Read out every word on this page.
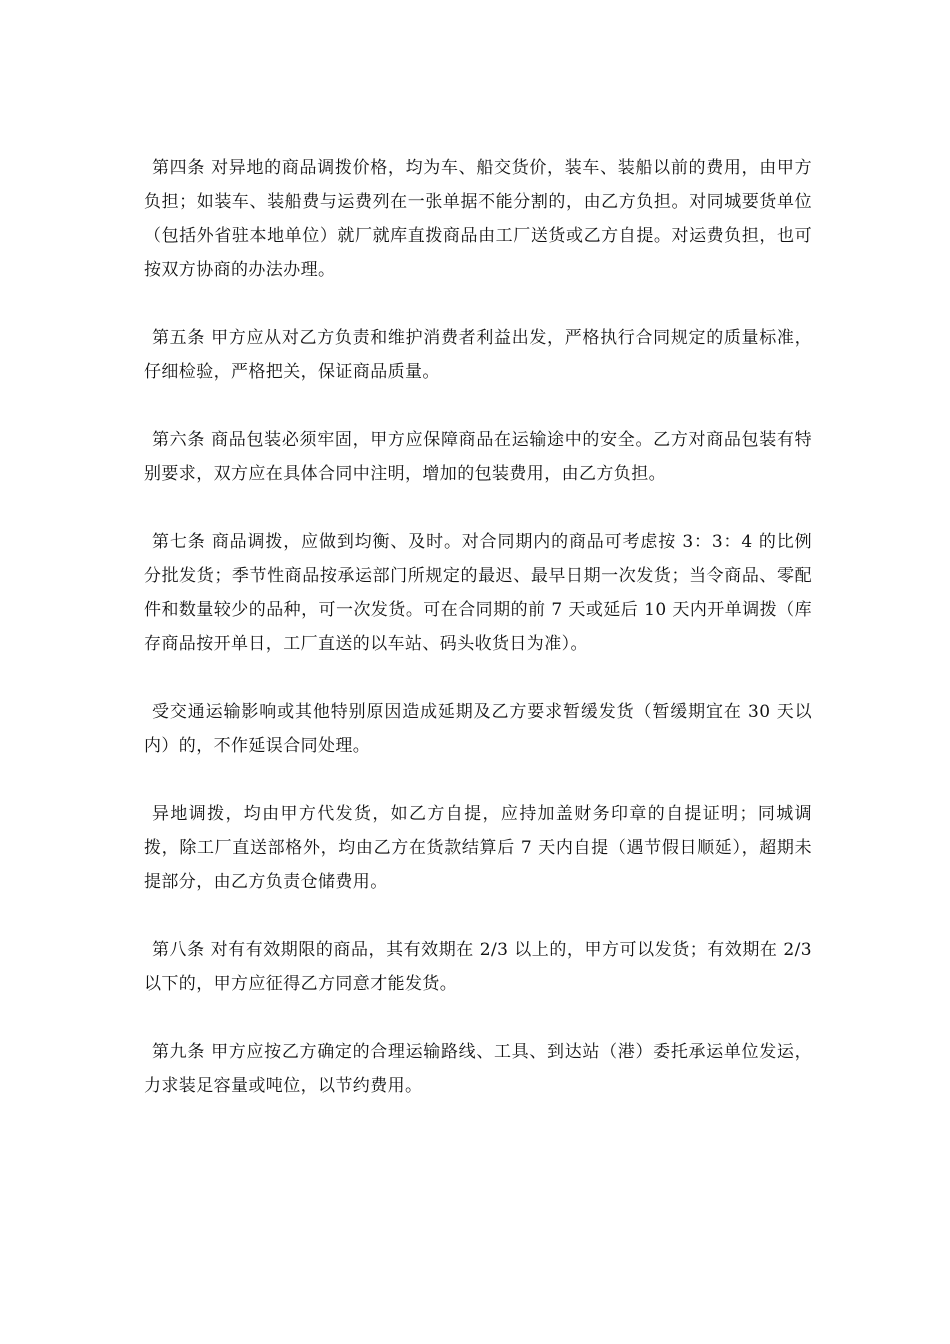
第四条 对异地的商品调拨价格，均为车、船交货价，装车、装船以前的费用，由甲方负担；如装车、装船费与运费列在一张单据不能分割的，由乙方负担。对同城要货单位（包括外省驻本地单位）就厂就库直拨商品由工厂送货或乙方自提。对运费负担，也可按双方协商的办法办理。

第五条 甲方应从对乙方负责和维护消费者利益出发，严格执行合同规定的质量标准，仔细检验，严格把关，保证商品质量。

第六条 商品包装必须牢固，甲方应保障商品在运输途中的安全。乙方对商品包装有特别要求，双方应在具体合同中注明，增加的包装费用，由乙方负担。

第七条 商品调拨，应做到均衡、及时。对合同期内的商品可考虑按 3：3：4 的比例分批发货；季节性商品按承运部门所规定的最迟、最早日期一次发货；当令商品、零配件和数量较少的品种，可一次发货。可在合同期的前 7 天或延后 10 天内开单调拨（库存商品按开单日，工厂直送的以车站、码头收货日为准）。

受交通运输影响或其他特别原因造成延期及乙方要求暂缓发货（暂缓期宜在 30 天以内）的，不作延误合同处理。

异地调拨，均由甲方代发货，如乙方自提，应持加盖财务印章的自提证明；同城调拨，除工厂直送部格外，均由乙方在货款结算后 7 天内自提（遇节假日顺延），超期未提部分，由乙方负责仓储费用。

第八条 对有有效期限的商品，其有效期在 2/3 以上的，甲方可以发货；有效期在 2/3 以下的，甲方应征得乙方同意才能发货。

第九条 甲方应按乙方确定的合理运输路线、工具、到达站（港）委托承运单位发运，力求装足容量或吨位，以节约费用。
